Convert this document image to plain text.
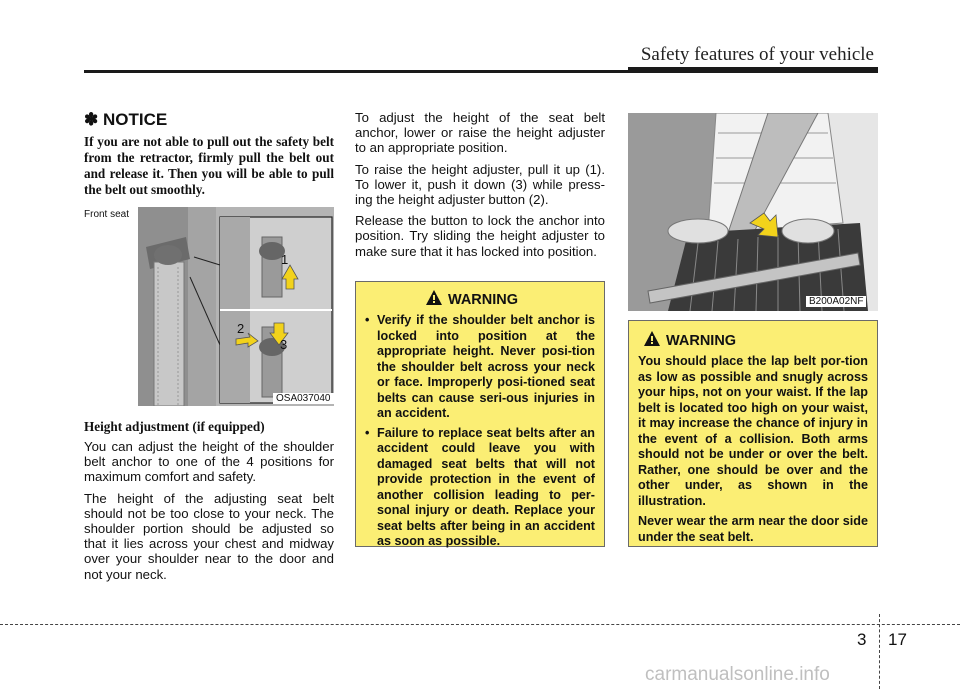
Safety features of your vehicle
✽ NOTICE

If you are not able to pull out the safety belt from the retractor, firmly pull the belt out and release it. Then you will be able to pull the belt out smoothly.

Front seat
1
2
3
OSA037040
Height adjustment (if equipped)

You can adjust the height of the shoulder belt anchor to one of the 4 positions for maximum comfort and safety.

The height of the adjusting seat belt should not be too close to your neck. The shoulder portion should be adjusted so that it lies across your chest and midway over your shoulder near to the door and not your neck.

To adjust the height of the seat belt anchor, lower or raise the height adjuster to an appropriate position.

To raise the height adjuster, pull it up (1). To lower it, push it down (3) while press-ing the height adjuster button (2).

Release the button to lock the anchor into position. Try sliding the height adjuster to make sure that it has locked into position.

WARNING
• Verify if the shoulder belt anchor is locked into position at the appropriate height. Never posi-tion the shoulder belt across your neck or face. Improperly posi-tioned seat belts can cause seri-ous injuries in an accident.
• Failure to replace seat belts after an accident could leave you with damaged seat belts that will not provide protection in the event of another collision leading to per-sonal injury or death. Replace your seat belts after being in an accident as soon as possible.
B200A02NF
WARNING

You should place the lap belt por-tion as low as possible and snugly across your hips, not on your waist. If the lap belt is located too high on your waist, it may increase the chance of injury in the event of a collision. Both arms should not be under or over the belt. Rather, one should be over and the other under, as shown in the illustration.

Never wear the arm near the door side under the seat belt.

3 17
carmanualsonline.info
